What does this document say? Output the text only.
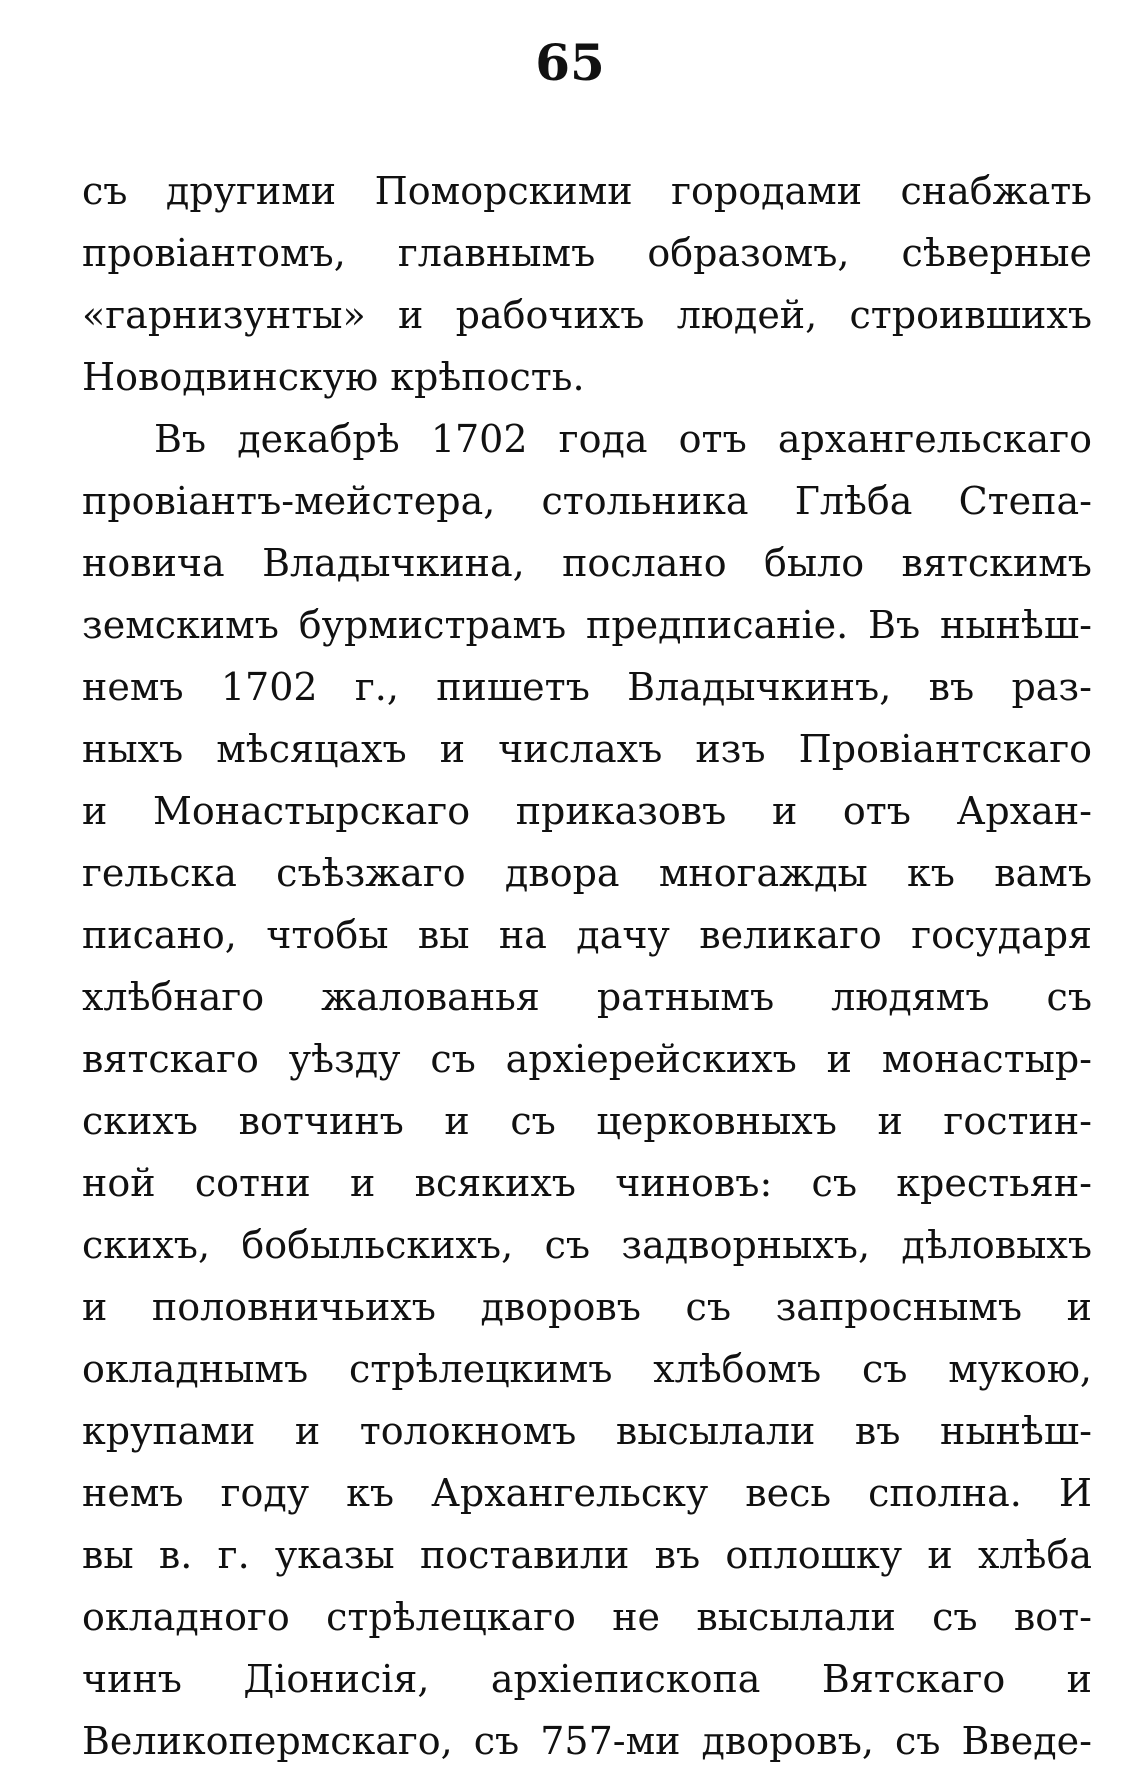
65
съ другими Поморскими городами снабжать
провіантомъ, главнымъ образомъ, сѣверные
«гарнизунты» и рабочихъ людей, строившихъ
Новодвинскую крѣпость.
Въ декабрѣ 1702 года отъ архангельскаго
провіантъ-мейстера, стольника Глѣба Степа-
новича Владычкина, послано было вятскимъ
земскимъ бурмистрамъ предписаніе. Въ нынѣш-
немъ 1702 г., пишетъ Владычкинъ, въ раз-
ныхъ мѣсяцахъ и числахъ изъ Провіантскаго
и Монастырскаго приказовъ и отъ Архан-
гельска съѣзжаго двора многажды къ вамъ
писано, чтобы вы на дачу великаго государя
хлѣбнаго жалованья ратнымъ людямъ съ
вятскаго уѣзду съ архіерейскихъ и монастыр-
скихъ вотчинъ и съ церковныхъ и гостин-
ной сотни и всякихъ чиновъ: съ крестьян-
скихъ, бобыльскихъ, съ задворныхъ, дѣловыхъ
и половничьихъ дворовъ съ запроснымъ и
окладнымъ стрѣлецкимъ хлѣбомъ съ мукою,
крупами и толокномъ высылали въ нынѣш-
немъ году къ Архангельску весь сполна. И
вы в. г. указы поставили въ оплошку и хлѣба
окладного стрѣлецкаго не высылали съ вот-
чинъ Діонисія, архіепископа Вятскаго и
Великопермскаго, съ 757-ми дворовъ, съ Введе-
